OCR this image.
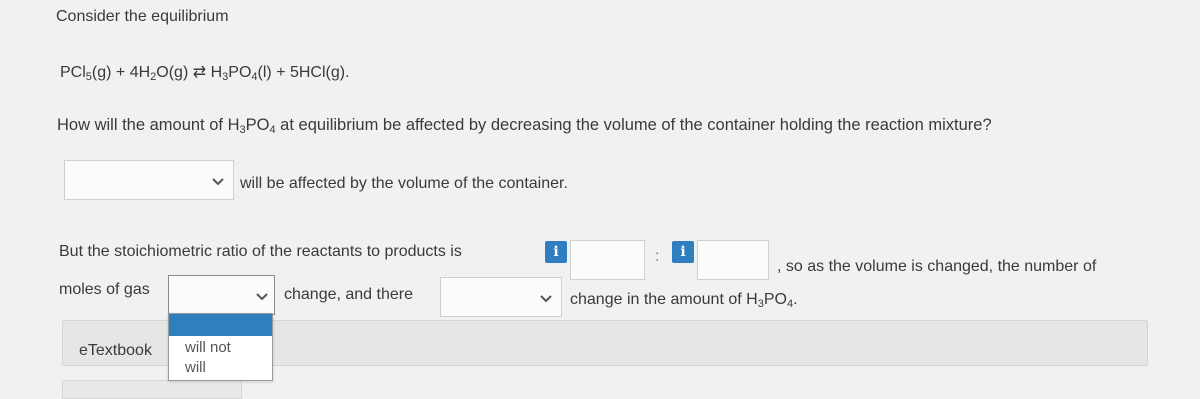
Consider the equilibrium
$PCl_5(g) + 4H_2O(g)$ ⇄ $H_3PO_4(l) + 5HCl(g)$.
How will the amount of $H_3PO_4$ at equilibrium be affected by decreasing the volume of the container holding the reaction mixture?
will be affected by the volume of the container.
But the stoichiometric ratio of the reactants to products is	i	:	i
, so as the volume is changed, the number of
moles of gas	change, and there	change in the amount of $H_3PO_4$.
eTextbook will not
will
